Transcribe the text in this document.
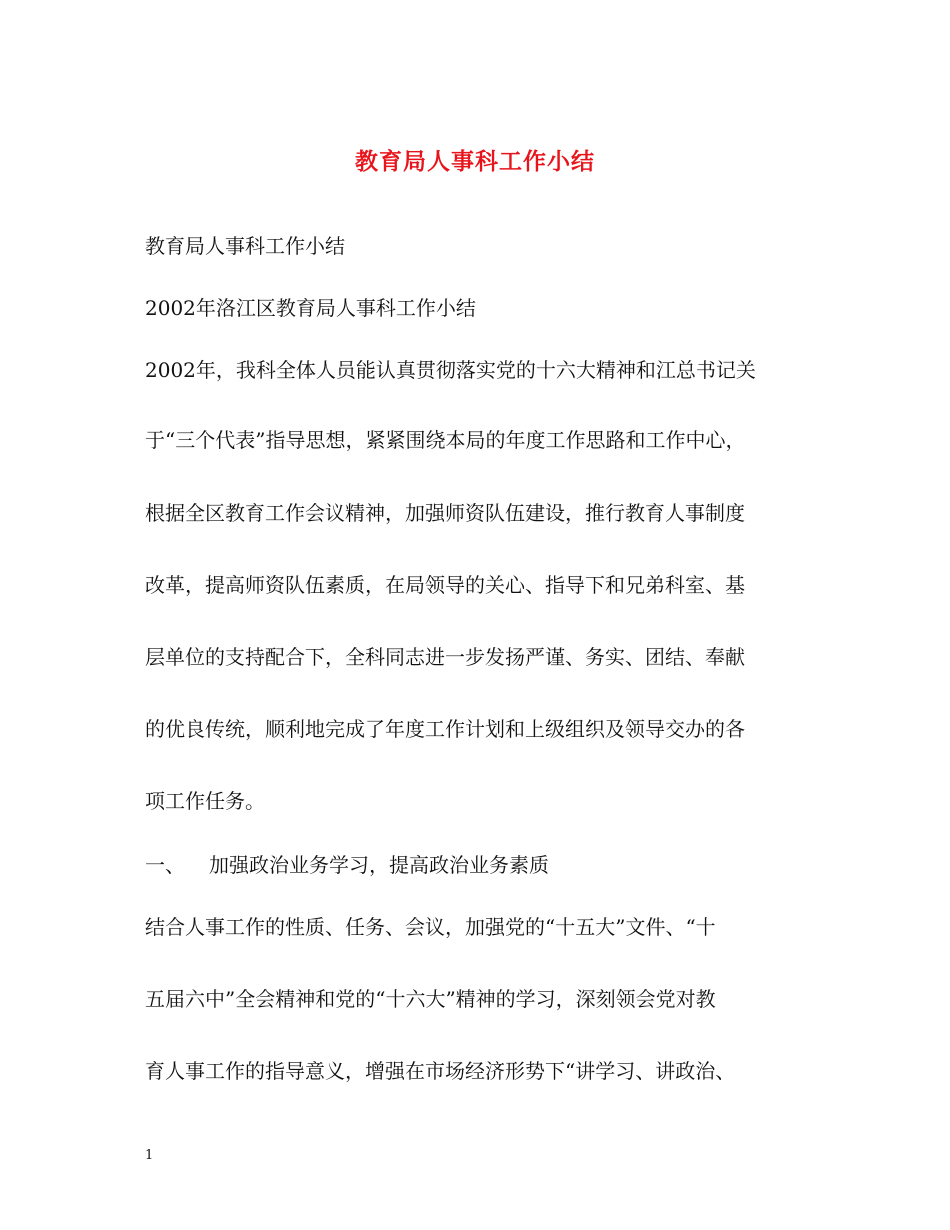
教育局人事科工作小结
教育局人事科工作小结
2002年洛江区教育局人事科工作小结
2002年，我科全体人员能认真贯彻落实党的十六大精神和江总书记关
于“三个代表”指导思想，紧紧围绕本局的年度工作思路和工作中心，
根据全区教育工作会议精神，加强师资队伍建设，推行教育人事制度
改革，提高师资队伍素质，在局领导的关心、指导下和兄弟科室、基
层单位的支持配合下，全科同志进一步发扬严谨、务实、团结、奉献
的优良传统，顺利地完成了年度工作计划和上级组织及领导交办的各
项工作任务。
一、 加强政治业务学习，提高政治业务素质
结合人事工作的性质、任务、会议，加强党的“十五大”文件、“十
五届六中”全会精神和党的“十六大”精神的学习，深刻领会党对教
育人事工作的指导意义，增强在市场经济形势下“讲学习、讲政治、
1
